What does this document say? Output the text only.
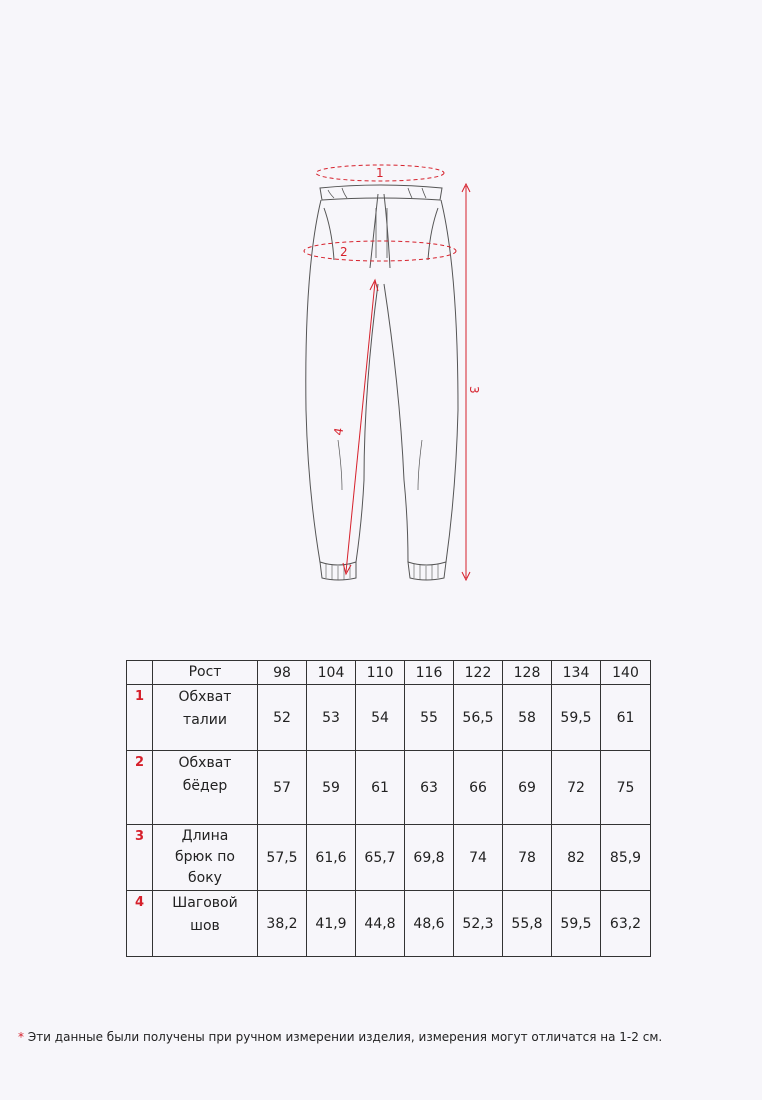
1
2
3
4
	Рост	98	104	110	116	122	128	134	140

1	Обхват
талии	52	53	54	55	56,5	58	59,5	61

2	Обхват
бёдер	57	59	61	63	66	69	72	75

3	Длина
брюк по
боку	57,5	61,6	65,7	69,8	74	78	82	85,9

4	Шаговой
шов	38,2	41,9	44,8	48,6	52,3	55,8	59,5	63,2
* Эти данные были получены при ручном измерении изделия, измерения могут отличатся на 1-2 см.
